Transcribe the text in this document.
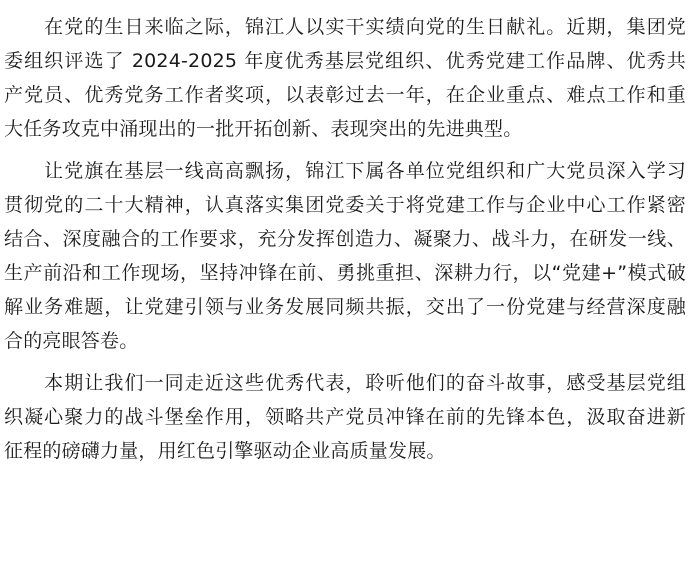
　　在党的生日来临之际，锦江人以实干实绩向党的生日献礼。近期，集团党
委组织评选了 2024-2025 年度优秀基层党组织、优秀党建工作品牌、优秀共
产党员、优秀党务工作者奖项，以表彰过去一年，在企业重点、难点工作和重
大任务攻克中涌现出的一批开拓创新、表现突出的先进典型。
　　让党旗在基层一线高高飘扬，锦江下属各单位党组织和广大党员深入学习
贯彻党的二十大精神，认真落实集团党委关于将党建工作与企业中心工作紧密
结合、深度融合的工作要求，充分发挥创造力、凝聚力、战斗力，在研发一线、
生产前沿和工作现场，坚持冲锋在前、勇挑重担、深耕力行，以“党建+”模式破
解业务难题，让党建引领与业务发展同频共振，交出了一份党建与经营深度融
合的亮眼答卷。
　　本期让我们一同走近这些优秀代表，聆听他们的奋斗故事，感受基层党组
织凝心聚力的战斗堡垒作用，领略共产党员冲锋在前的先锋本色，汲取奋进新
征程的磅礴力量，用红色引擎驱动企业高质量发展。
